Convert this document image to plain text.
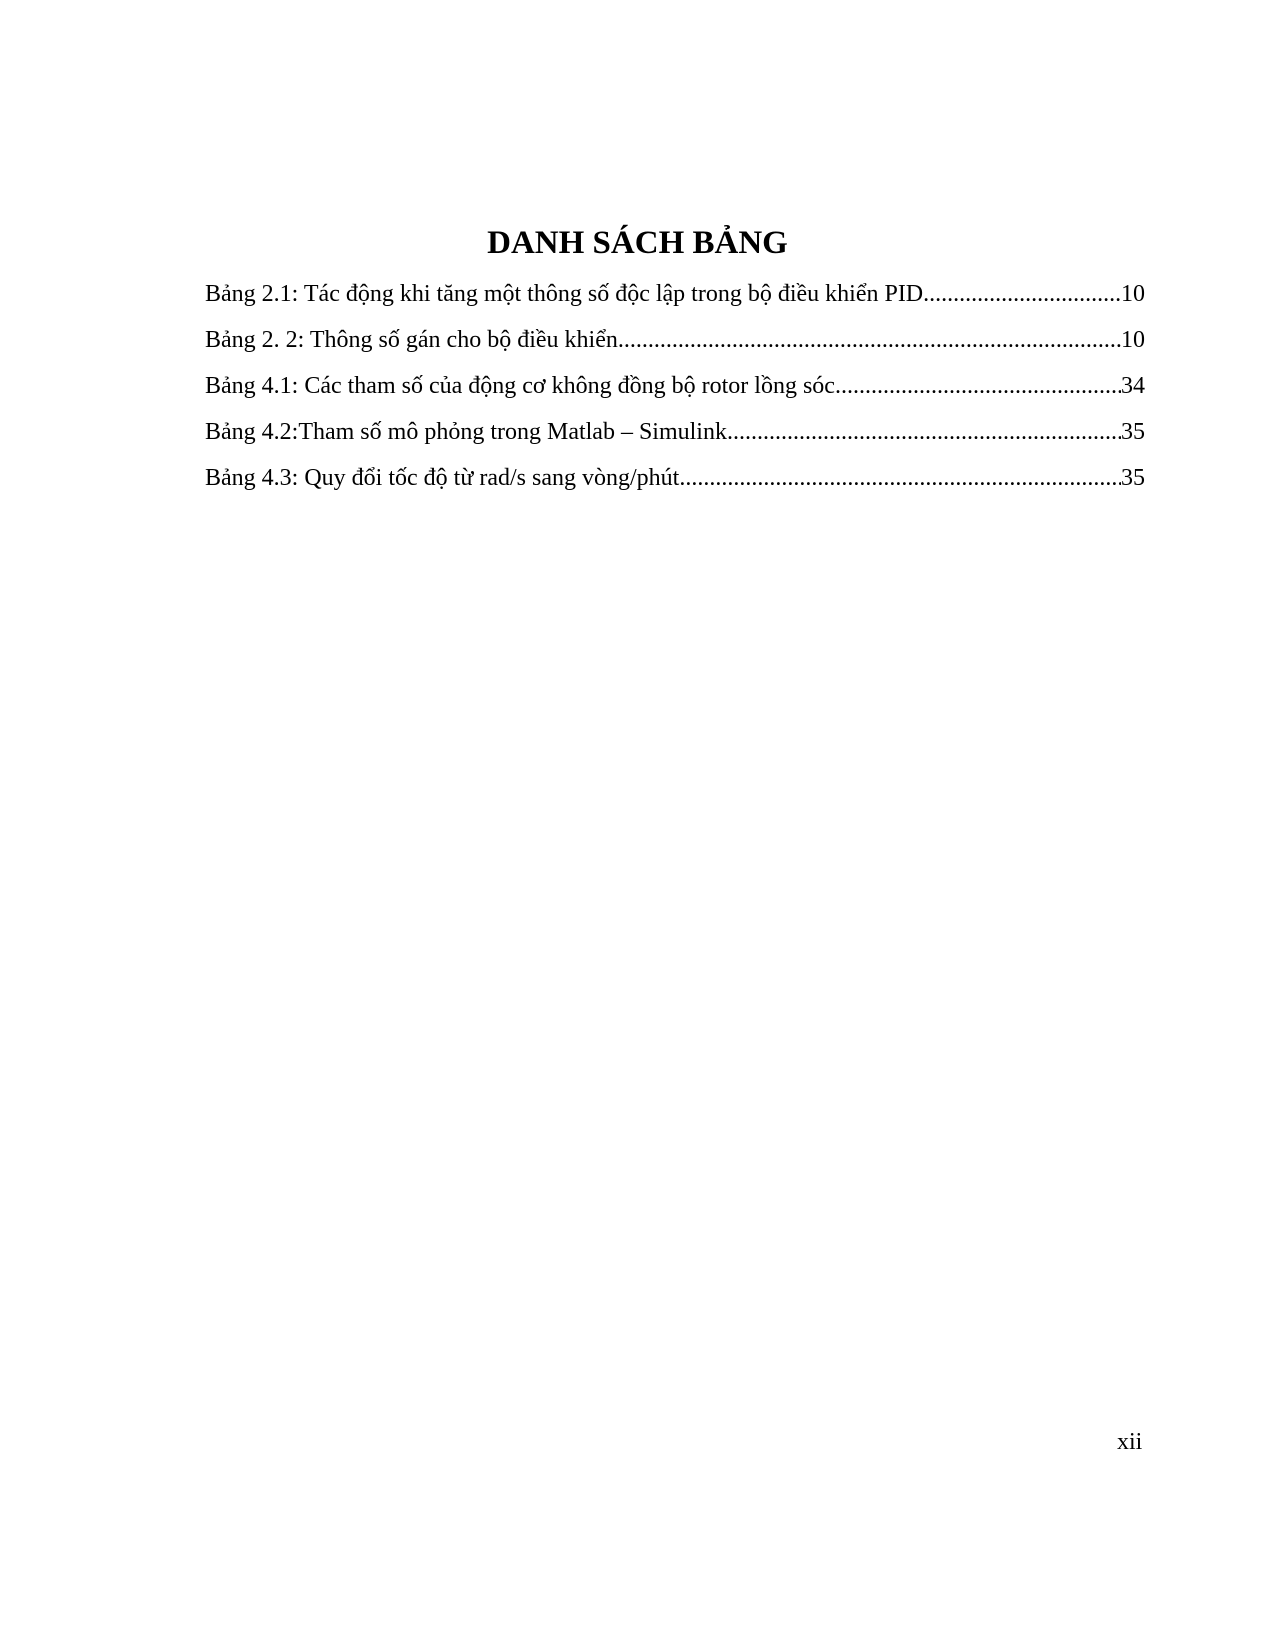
DANH SÁCH BẢNG
Bảng 2.1: Tác động khi tăng một thông số độc lập trong bộ điều khiển PID .....	10
Bảng 2. 2: Thông số gán cho bộ điều khiển .....	10
Bảng 4.1: Các tham số của động cơ không đồng bộ rotor lồng sóc .....	34
Bảng 4.2:Tham số mô phỏng trong Matlab – Simulink .....	35
Bảng 4.3: Quy đổi tốc độ từ rad/s sang vòng/phút .....	35
xii
